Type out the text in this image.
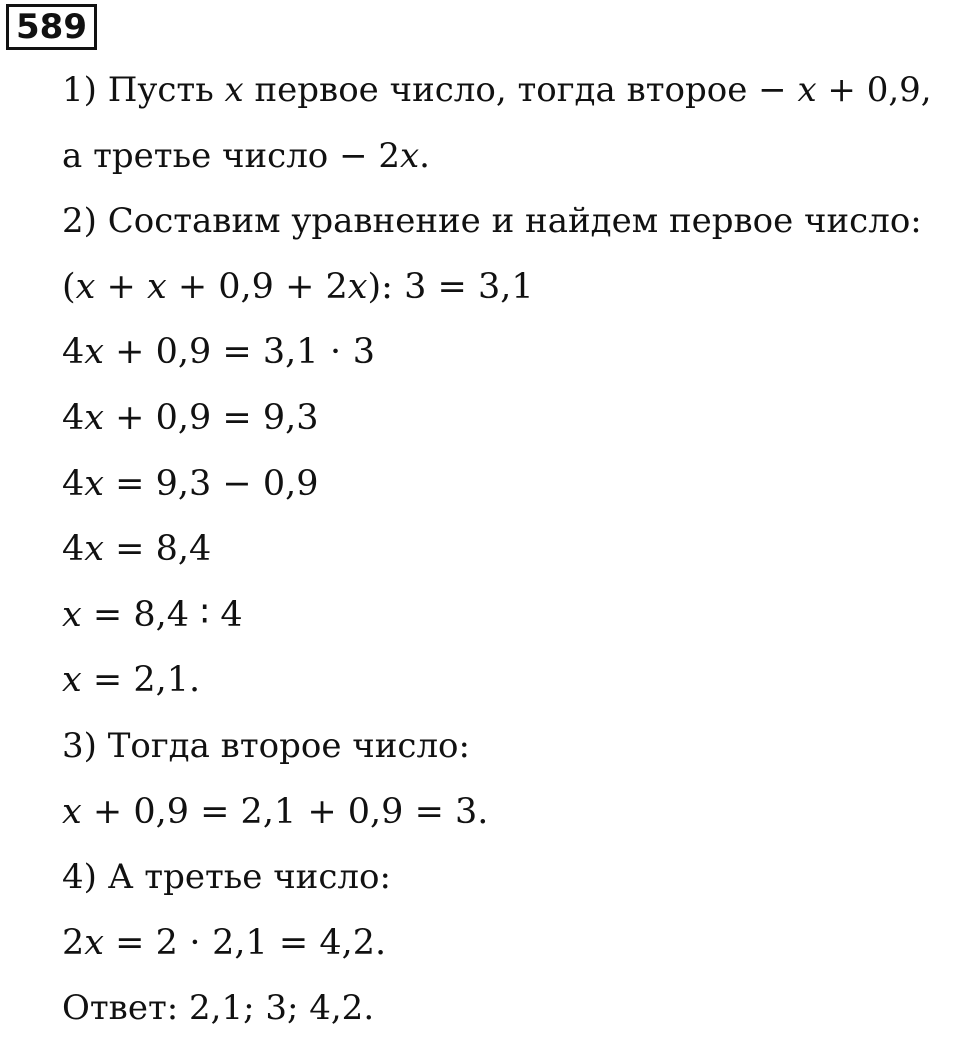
589
1) Пусть 𝑥 первое число, тогда второе − 𝑥 + 0,9,
а третье число − 2𝑥.
2) Составим уравнение и найдем первое число:
(𝑥 + 𝑥 + 0,9 + 2𝑥): 3 = 3,1
4𝑥 + 0,9 = 3,1 ⋅ 3
4𝑥 + 0,9 = 9,3
4𝑥 = 9,3 − 0,9
4𝑥 = 8,4
𝑥 = 8,4 ∶ 4
𝑥 = 2,1.
3) Тогда второе число:
𝑥 + 0,9 = 2,1 + 0,9 = 3.
4) А третье число:
2𝑥 = 2 ⋅ 2,1 = 4,2.
Ответ: 2,1; 3; 4,2.
